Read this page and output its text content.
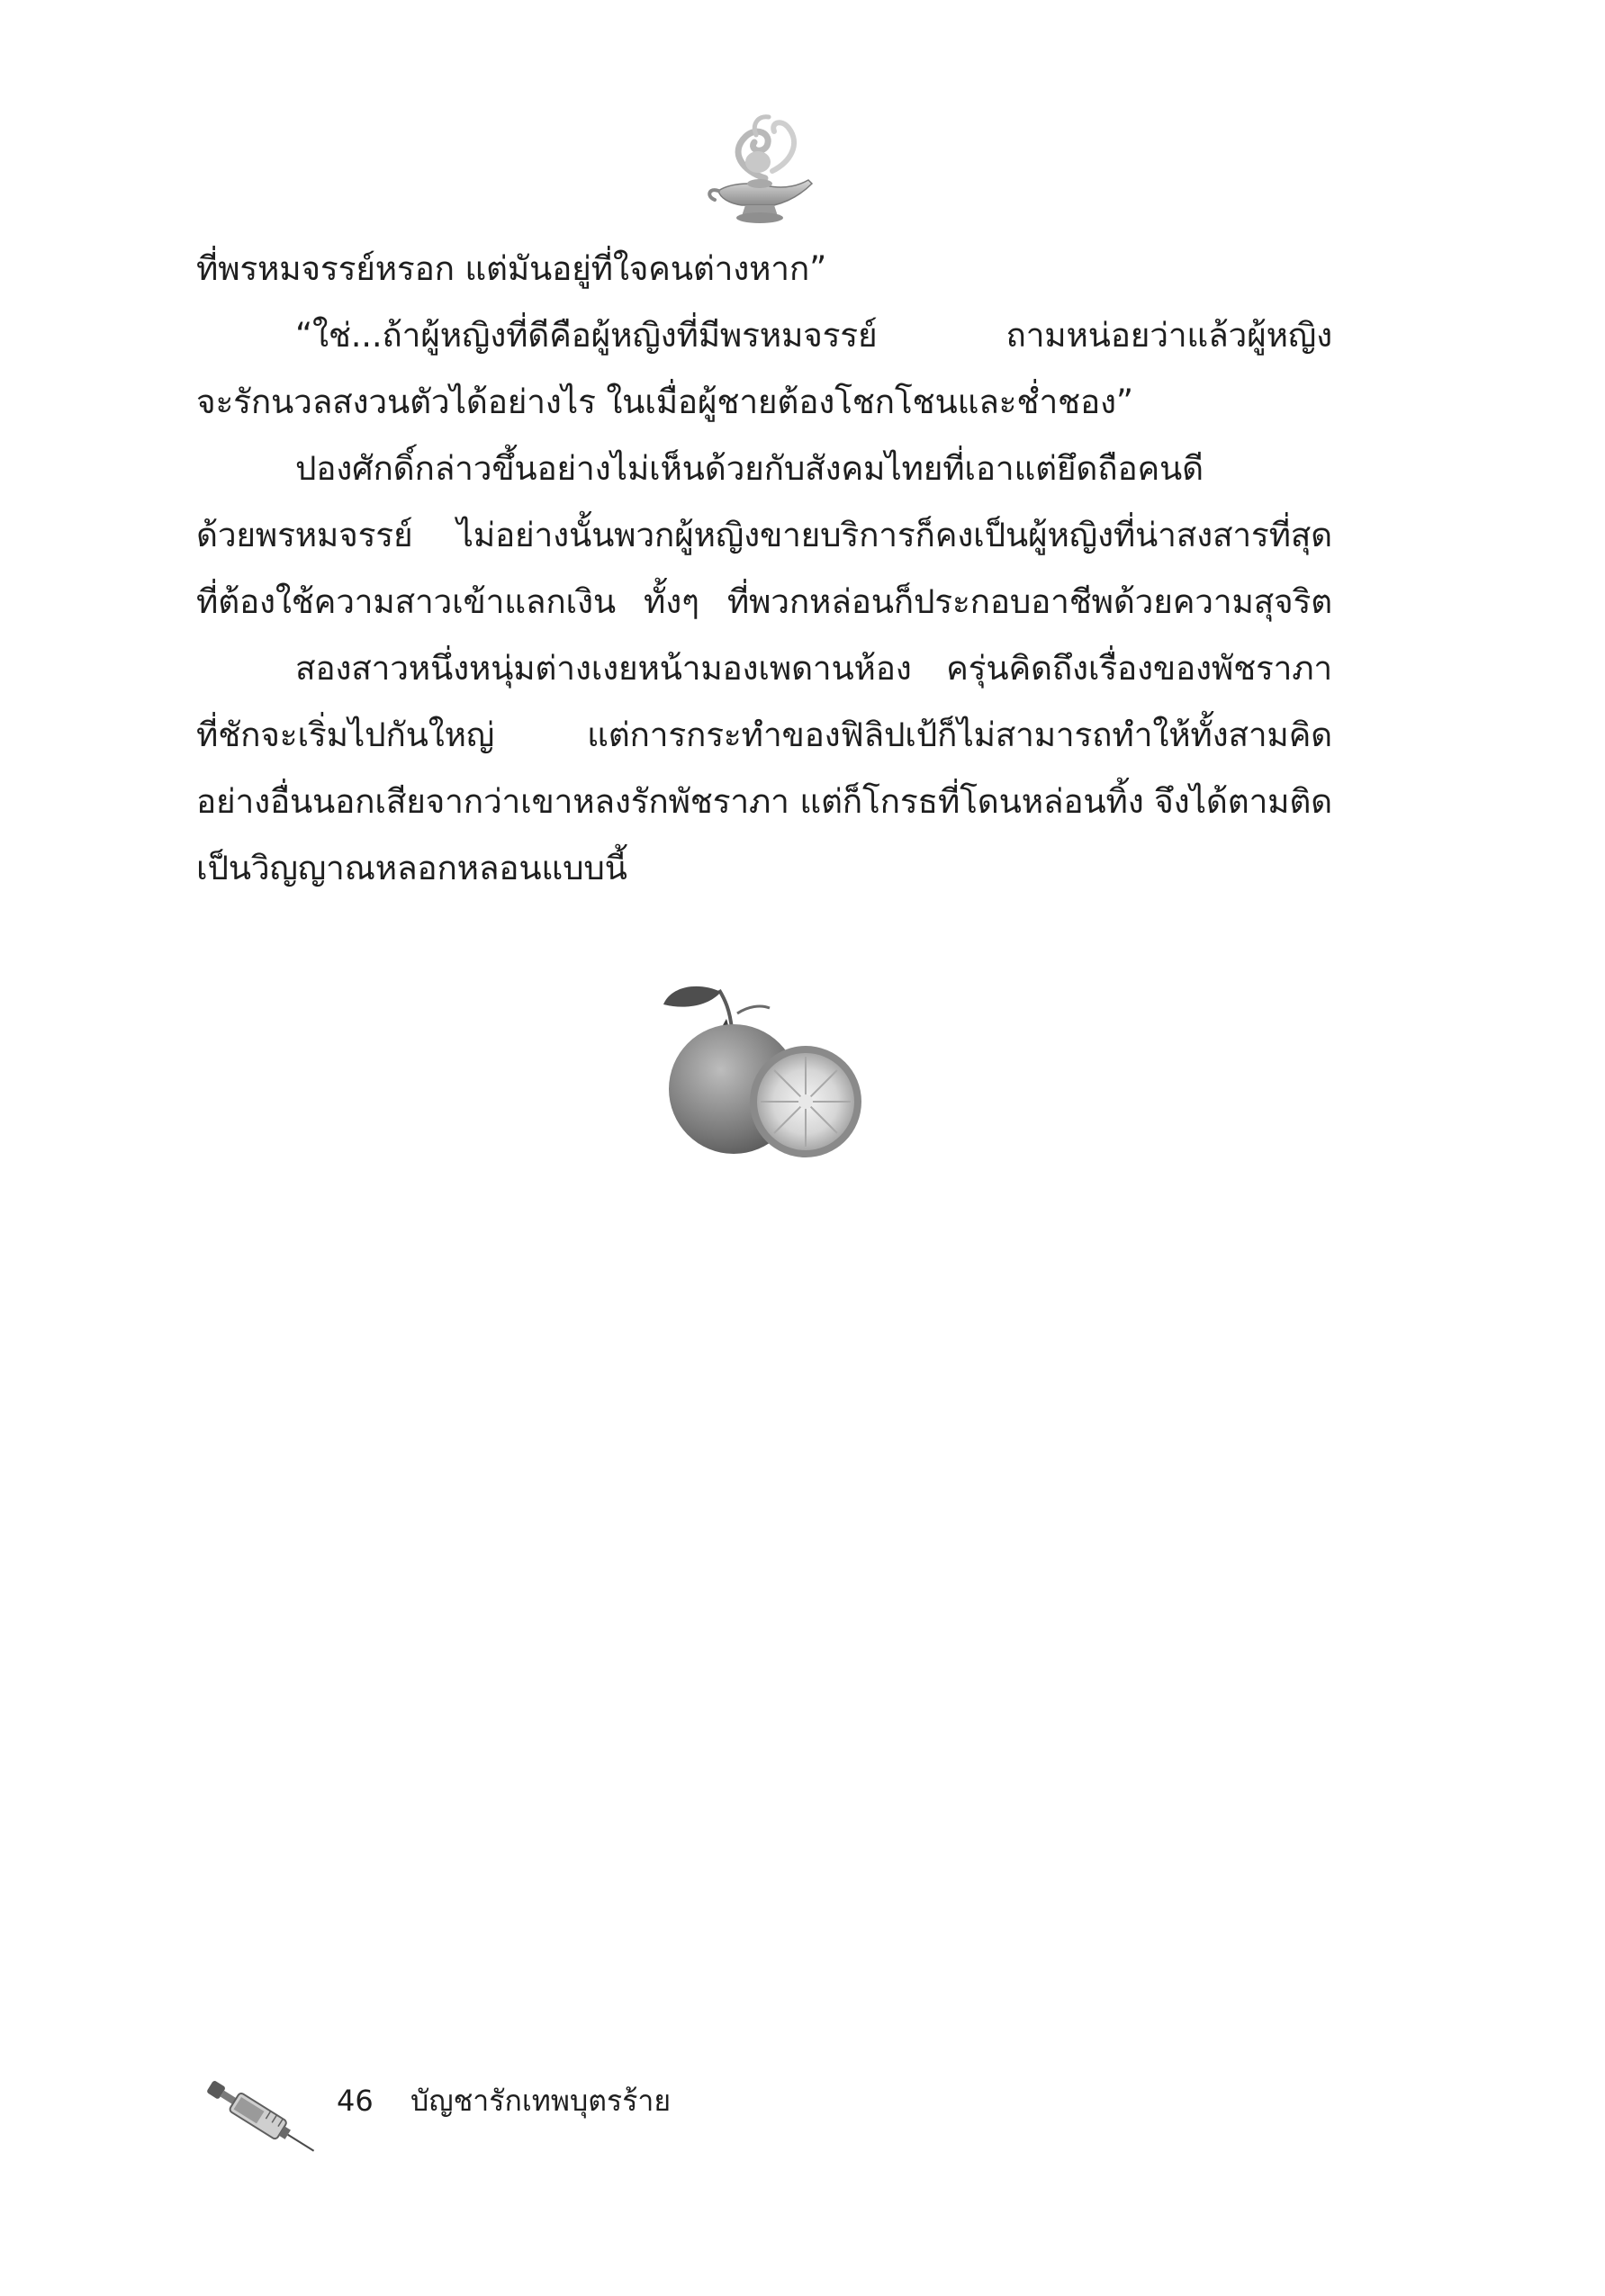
ที่พรหมจรรย์หรอก แต่มันอยู่ที่ใจคนต่างหาก”
“ใช่...ถ้าผู้หญิงที่ดีคือผู้หญิงที่มีพรหมจรรย์ ถามหน่อยว่าแล้วผู้หญิง
จะรักนวลสงวนตัวได้อย่างไร ในเมื่อผู้ชายต้องโชกโชนและช่ำชอง”
ปองศักดิ์กล่าวขึ้นอย่างไม่เห็นด้วยกับสังคมไทยที่เอาแต่ยึดถือคนดี
ด้วยพรหมจรรย์ ไม่อย่างนั้นพวกผู้หญิงขายบริการก็คงเป็นผู้หญิงที่น่าสงสารที่สุด
ที่ต้องใช้ความสาวเข้าแลกเงิน ทั้งๆ ที่พวกหล่อนก็ประกอบอาชีพด้วยความสุจริต
สองสาวหนึ่งหนุ่มต่างเงยหน้ามองเพดานห้อง ครุ่นคิดถึงเรื่องของพัชราภา
ที่ชักจะเริ่มไปกันใหญ่ แต่การกระทำของฟิลิปเป้ก็ไม่สามารถทำให้ทั้งสามคิด
อย่างอื่นนอกเสียจากว่าเขาหลงรักพัชราภา แต่ก็โกรธที่โดนหล่อนทิ้ง จึงได้ตามติด
เป็นวิญญาณหลอกหลอนแบบนี้
46 บัญชารักเทพบุตรร้าย
